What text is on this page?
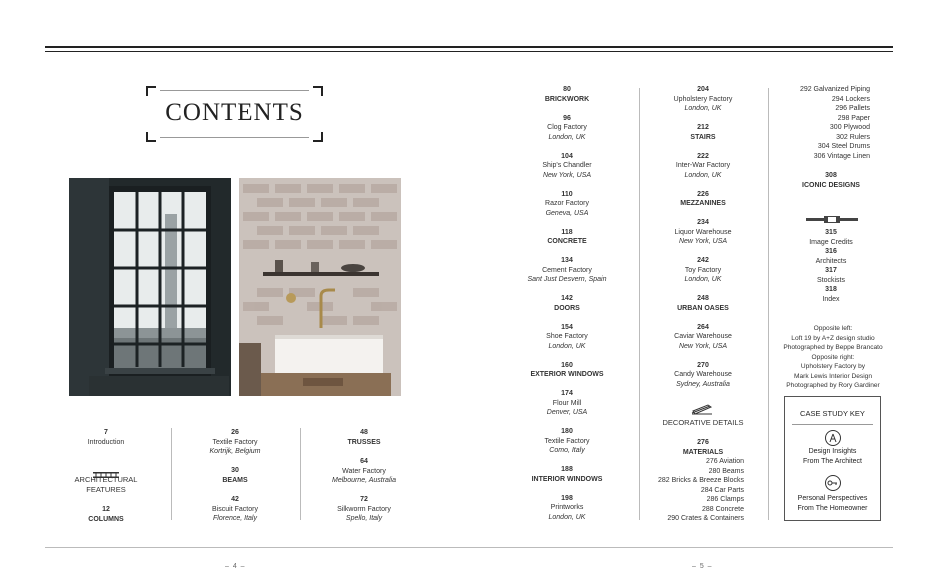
CONTENTS
7
Introduction
ARCHITECTURAL
FEATURES
12
COLUMNS
26
Textile Factory
Kortrijk, Belgium
30
BEAMS
42
Biscuit Factory
Florence, Italy
48
TRUSSES
64
Water Factory
Melbourne, Australia
72
Silkworm Factory
Spello, Italy
80
BRICKWORK
96
Clog Factory
London, UK
104
Ship's Chandler
New York, USA
110
Razor Factory
Geneva, USA
118
CONCRETE
134
Cement Factory
Sant Just Desvern, Spain
142
DOORS
154
Shoe Factory
London, UK
160
EXTERIOR WINDOWS
174
Flour Mill
Denver, USA
180
Textile Factory
Como, Italy
188
INTERIOR WINDOWS
198
Printworks
London, UK
204
Upholstery Factory
London, UK
212
STAIRS
222
Inter-War Factory
London, UK
226
MEZZANINES
234
Liquor Warehouse
New York, USA
242
Toy Factory
London, UK
248
URBAN OASES
264
Caviar Warehouse
New York, USA
270
Candy Warehouse
Sydney, Australia
DECORATIVE DETAILS
276
MATERIALS
276 Aviation
280 Beams
282 Bricks & Breeze Blocks
284 Car Parts
286 Clamps
288 Concrete
290 Crates & Containers
292 Galvanized Piping
294 Lockers
296 Pallets
298 Paper
300 Plywood
302 Rulers
304 Steel Drums
306 Vintage Linen
308
ICONIC DESIGNS
315
Image Credits
316
Architects
317
Stockists
318
Index
Opposite left:
Loft 19 by A+Z design studio
Photographed by Beppe Brancato
Opposite right:
Upholstery Factory by
Mark Lewis Interior Design
Photographed by Rory Gardiner
CASE STUDY KEY
Design Insights
From The Architect
Personal Perspectives
From The Homeowner
– 4 –	– 5 –
